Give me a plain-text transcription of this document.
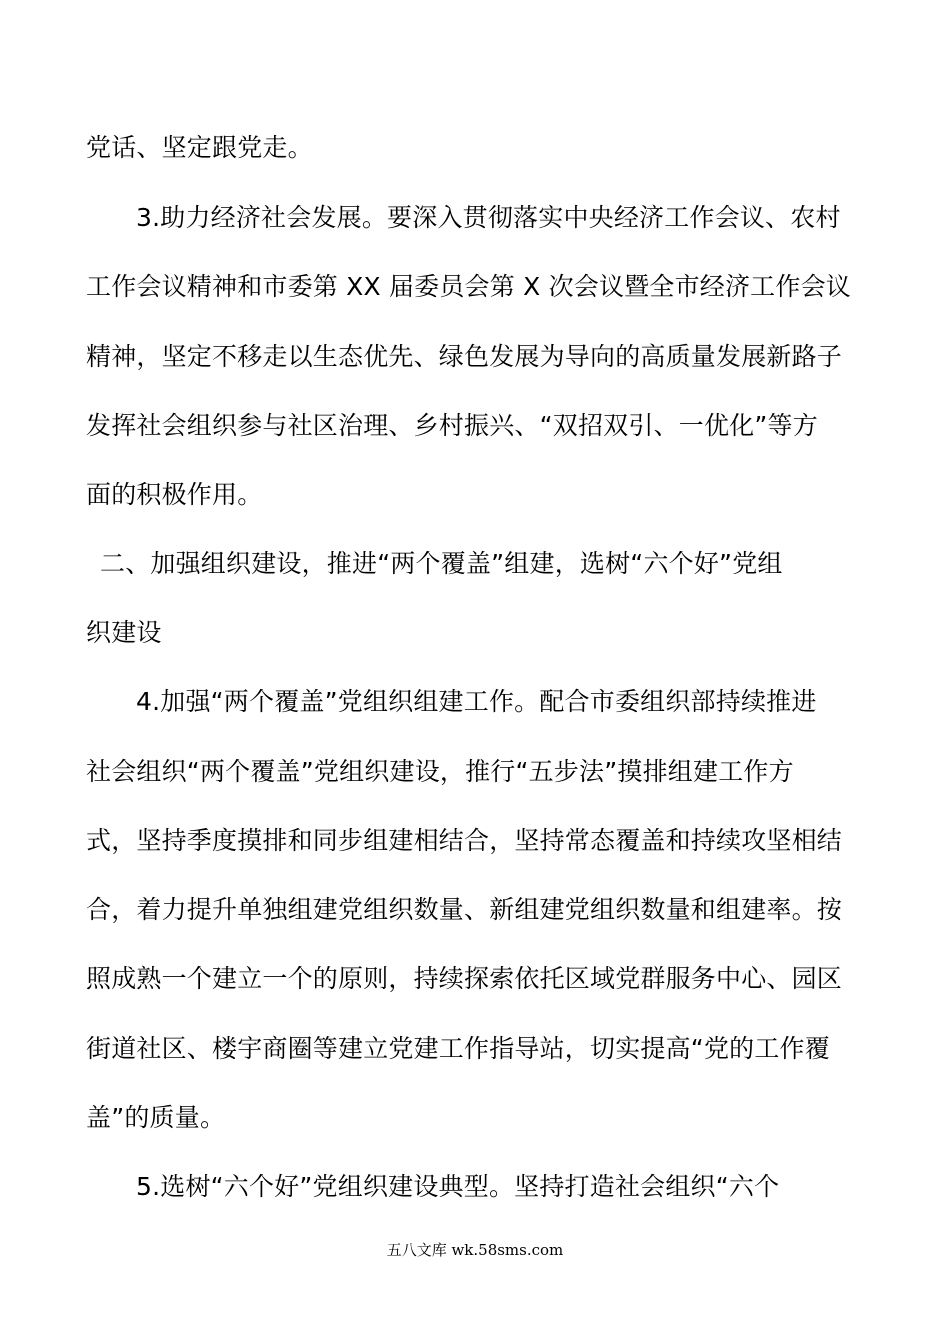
党话、坚定跟党走。
3.助力经济社会发展。要深入贯彻落实中央经济工作会议、农村
工作会议精神和市委第 XX 届委员会第 X 次会议暨全市经济工作会议
精神，坚定不移走以生态优先、绿色发展为导向的高质量发展新路子
发挥社会组织参与社区治理、乡村振兴、“双招双引、一优化”等方
面的积极作用。
二、加强组织建设，推进“两个覆盖”组建，选树“六个好”党组
织建设
4.加强“两个覆盖”党组织组建工作。配合市委组织部持续推进
社会组织“两个覆盖”党组织建设，推行“五步法”摸排组建工作方
式，坚持季度摸排和同步组建相结合，坚持常态覆盖和持续攻坚相结
合，着力提升单独组建党组织数量、新组建党组织数量和组建率。按
照成熟一个建立一个的原则，持续探索依托区域党群服务中心、园区
街道社区、楼宇商圈等建立党建工作指导站，切实提高“党的工作覆
盖”的质量。
5.选树“六个好”党组织建设典型。坚持打造社会组织“六个
五八文库 wk.58sms.com
